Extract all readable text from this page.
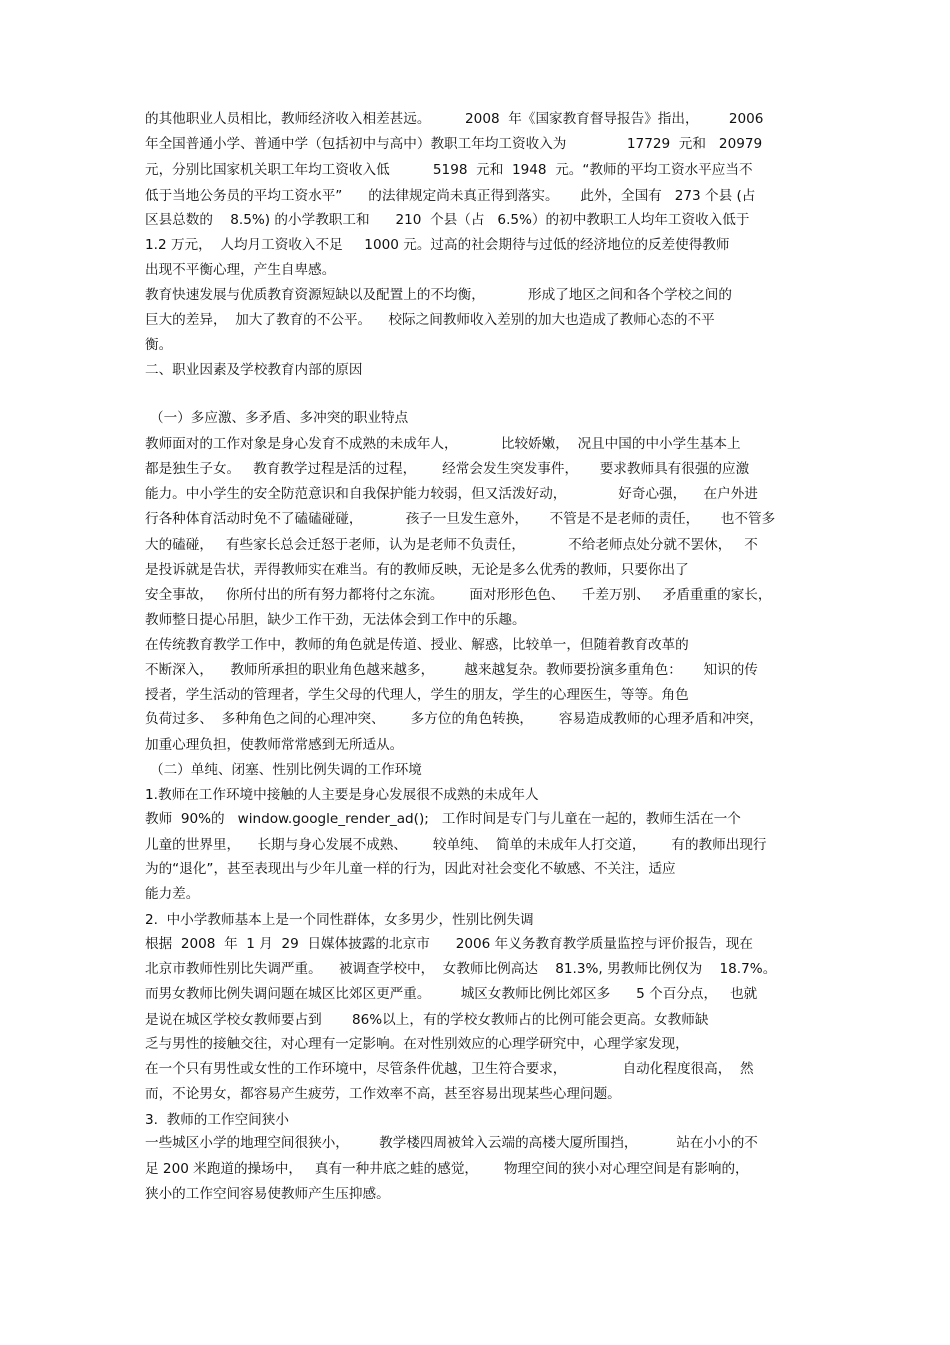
的其他职业人员相比，教师经济收入相差甚远。        2008  年《国家教育督导报告》指出，       2006
年全国普通小学、普通中学（包括初中与高中）教职工年均工资收入为              17729  元和   20979
元，分别比国家机关职工年均工资收入低          5198  元和  1948  元。“教师的平均工资水平应当不
低于当地公务员的平均工资水平”      的法律规定尚未真正得到落实。     此外，全国有   273 个县 (占
区县总数的    8.5%) 的小学教职工和      210  个县（占   6.5%）的初中教职工人均年工资收入低于
1.2 万元，  人均月工资收入不足     1000 元。过高的社会期待与过低的经济地位的反差使得教师
出现不平衡心理，产生自卑感。
教育快速发展与优质教育资源短缺以及配置上的不均衡，          形成了地区之间和各个学校之间的
巨大的差异，  加大了教育的不公平。    校际之间教师收入差别的加大也造成了教师心态的不平
衡。
二、职业因素及学校教育内部的原因
（一）多应激、多矛盾、多冲突的职业特点
教师面对的工作对象是身心发育不成熟的未成年人，          比较娇嫩，  况且中国的中小学生基本上
都是独生子女。   教育教学过程是活的过程，      经常会发生突发事件，     要求教师具有很强的应激
能力。中小学生的安全防范意识和自我保护能力较弱，但又活泼好动，            好奇心强，    在户外进
行各种体育活动时免不了磕磕碰碰，          孩子一旦发生意外，     不管是不是老师的责任，     也不管多
大的磕碰，   有些家长总会迁怒于老师，认为是老师不负责任，          不给老师点处分就不罢休，   不
是投诉就是告状，弄得教师实在难当。有的教师反映，无论是多么优秀的教师，只要你出了
安全事故，   你所付出的所有努力都将付之东流。      面对形形色色、    千差万别、   矛盾重重的家长，
教师整日提心吊胆，缺少工作干劲，无法体会到工作中的乐趣。
在传统教育教学工作中，教师的角色就是传道、授业、解惑，比较单一，但随着教育改革的
不断深入，    教师所承担的职业角色越来越多，       越来越复杂。教师要扮演多重角色：     知识的传
授者，学生活动的管理者，学生父母的代理人，学生的朋友，学生的心理医生，等等。角色
负荷过多、  多种角色之间的心理冲突、      多方位的角色转换，      容易造成教师的心理矛盾和冲突，
加重心理负担，使教师常常感到无所适从。
（二）单纯、闭塞、性别比例失调的工作环境
1.教师在工作环境中接触的人主要是身心发展很不成熟的未成年人
教师  90%的   window.google_render_ad();   工作时间是专门与儿童在一起的，教师生活在一个
儿童的世界里，    长期与身心发展不成熟、      较单纯、  简单的未成年人打交道，      有的教师出现行
为的“退化”，甚至表现出与少年儿童一样的行为，因此对社会变化不敏感、不关注，适应
能力差。
2.  中小学教师基本上是一个同性群体，女多男少，性别比例失调
根据  2008  年  1 月  29  日媒体披露的北京市      2006 年义务教育教学质量监控与评价报告，现在
北京市教师性别比失调严重。    被调查学校中，  女教师比例高达    81.3%, 男教师比例仅为    18.7%。
而男女教师比例失调问题在城区比郊区更严重。       城区女教师比例比郊区多      5 个百分点，   也就
是说在城区学校女教师要占到       86%以上，有的学校女教师占的比例可能会更高。女教师缺
乏与男性的接触交往，对心理有一定影响。在对性别效应的心理学研究中，心理学家发现，
在一个只有男性或女性的工作环境中，尽管条件优越，卫生符合要求，             自动化程度很高，  然
而，不论男女，都容易产生疲劳，工作效率不高，甚至容易出现某些心理问题。
3.  教师的工作空间狭小
一些城区小学的地理空间很狭小，       教学楼四周被耸入云端的高楼大厦所围挡，         站在小小的不
足 200 米跑道的操场中，   真有一种井底之蛙的感觉，      物理空间的狭小对心理空间是有影响的，
狭小的工作空间容易使教师产生压抑感。
